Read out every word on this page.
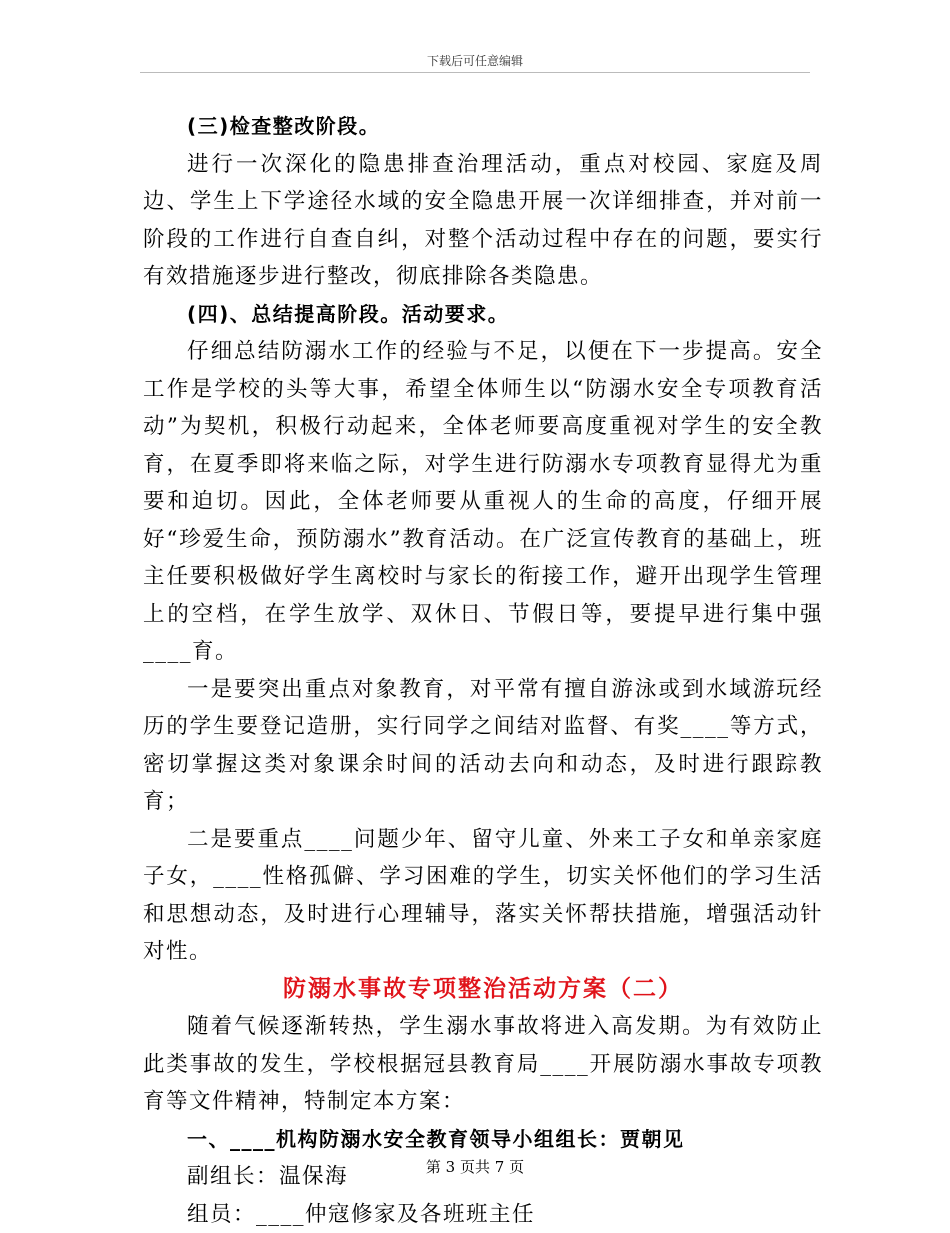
下载后可任意编辑

(三)检查整改阶段。

进行一次深化的隐患排查治理活动，重点对校园、家庭及周边、学生上下学途径水域的安全隐患开展一次详细排查，并对前一阶段的工作进行自查自纠，对整个活动过程中存在的问题，要实行有效措施逐步进行整改，彻底排除各类隐患。

(四)、总结提高阶段。活动要求。

仔细总结防溺水工作的经验与不足，以便在下一步提高。安全工作是学校的头等大事，希望全体师生以“防溺水安全专项教育活动”为契机，积极行动起来，全体老师要高度重视对学生的安全教育，在夏季即将来临之际，对学生进行防溺水专项教育显得尤为重要和迫切。因此，全体老师要从重视人的生命的高度，仔细开展好“珍爱生命，预防溺水”教育活动。在广泛宣传教育的基础上，班主任要积极做好学生离校时与家长的衔接工作，避开出现学生管理上的空档，在学生放学、双休日、节假日等，要提早进行集中强____育。

一是要突出重点对象教育，对平常有擅自游泳或到水域游玩经历的学生要登记造册，实行同学之间结对监督、有奖____等方式，密切掌握这类对象课余时间的活动去向和动态，及时进行跟踪教育；

二是要重点____问题少年、留守儿童、外来工子女和单亲家庭子女，____性格孤僻、学习困难的学生，切实关怀他们的学习生活和思想动态，及时进行心理辅导，落实关怀帮扶措施，增强活动针对性。

防溺水事故专项整治活动方案（二）

随着气候逐渐转热，学生溺水事故将进入高发期。为有效防止此类事故的发生，学校根据冠县教育局____开展防溺水事故专项教育等文件精神，特制定本方案：

一、____机构防溺水安全教育领导小组组长：贾朝见

副组长：温保海

组员：____仲寇修家及各班班主任

第 3 页共 7 页
